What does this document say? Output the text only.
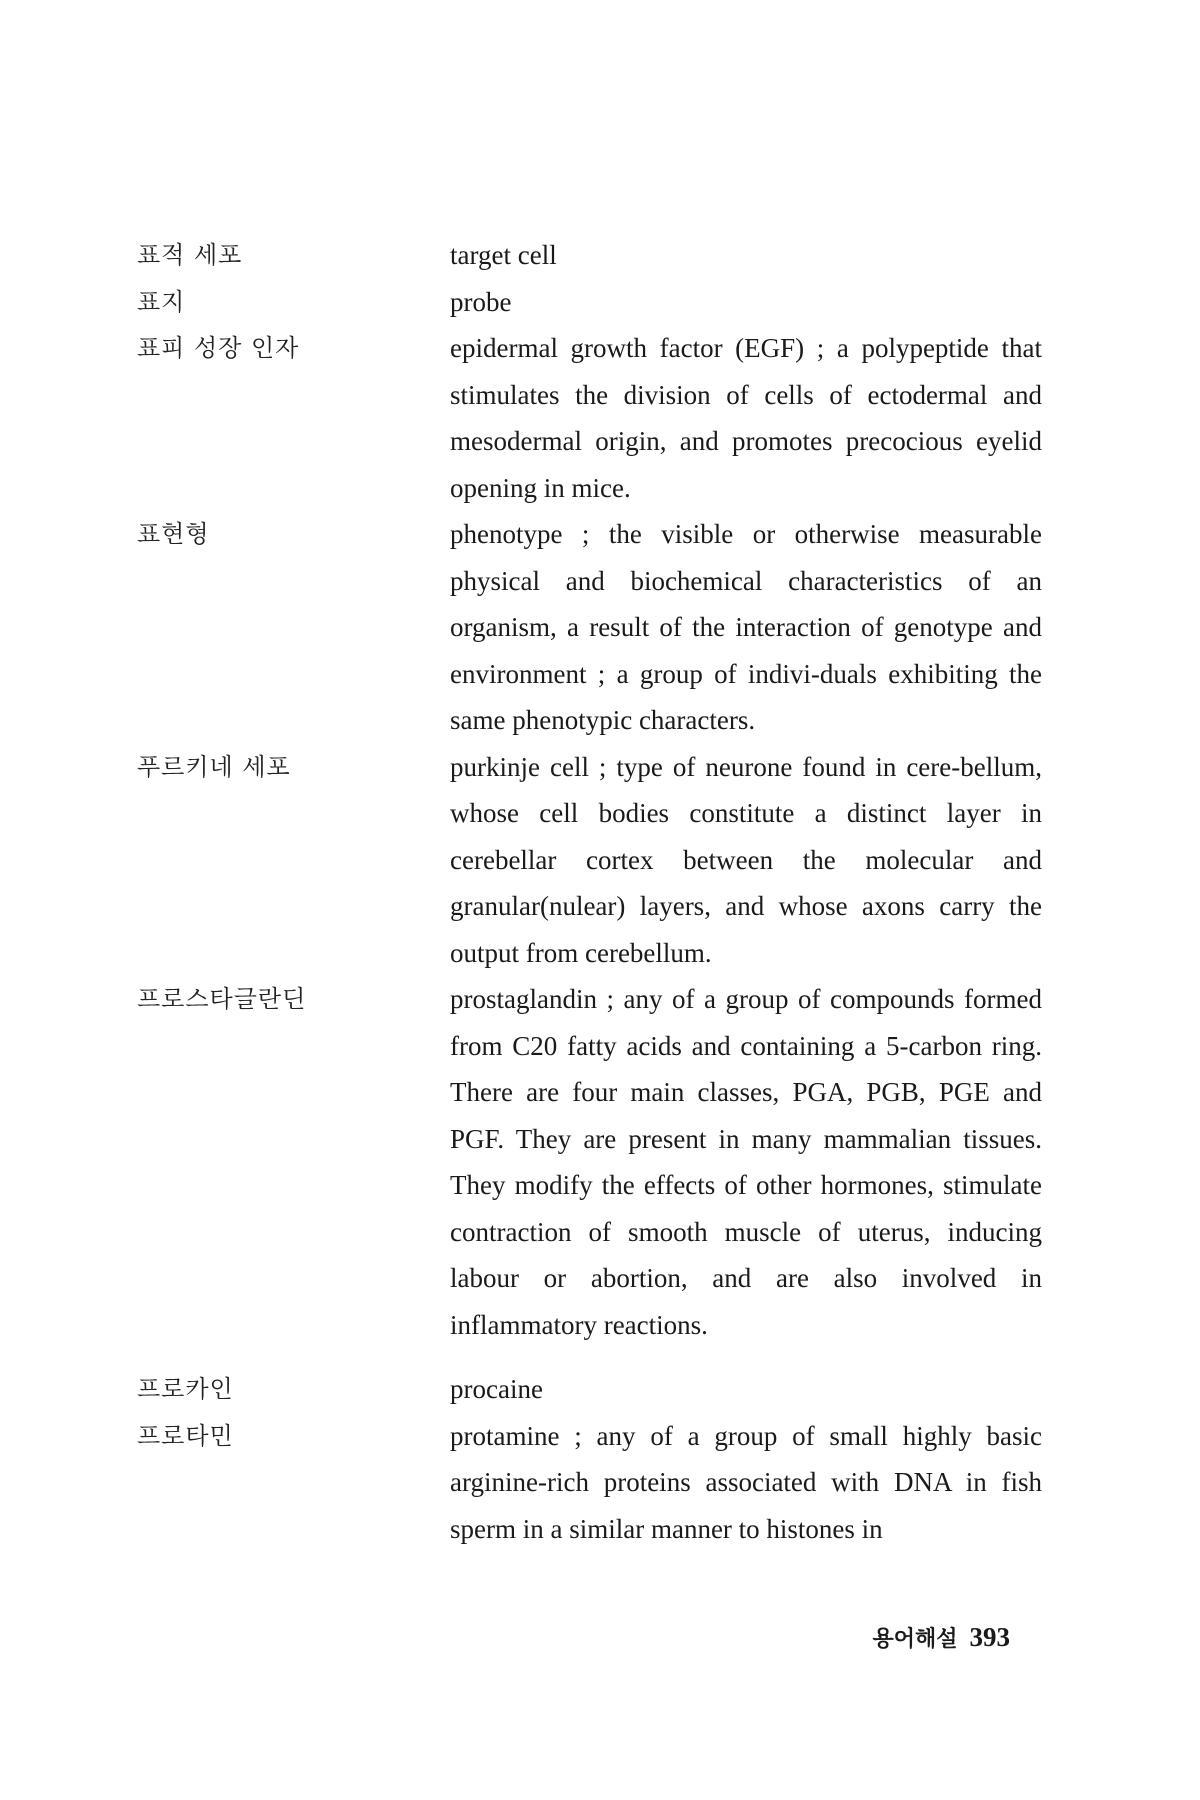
표적 세포	target cell
표지	probe
표피 성장 인자	epidermal growth factor (EGF) ; a polypeptide that stimulates the division of cells of ectodermal and mesodermal origin, and promotes precocious eyelid opening in mice.
표현형	phenotype ; the visible or otherwise measurable physical and biochemical characteristics of an organism, a result of the interaction of genotype and environment ; a group of indivi-duals exhibiting the same phenotypic characters.
푸르키네 세포	purkinje cell ; type of neurone found in cere-bellum, whose cell bodies constitute a distinct layer in cerebellar cortex between the molecular and granular(nulear) layers, and whose axons carry the output from cerebellum.
프로스타글란딘	prostaglandin ; any of a group of compounds formed from C20 fatty acids and containing a 5-carbon ring. There are four main classes, PGA, PGB, PGE and PGF. They are present in many mammalian tissues. They modify the effects of other hormones, stimulate contraction of smooth muscle of uterus, inducing labour or abortion, and are also involved in inflammatory reactions.
프로카인	procaine
프로타민	protamine ; any of a group of small highly basic arginine-rich proteins associated with DNA in fish sperm in a similar manner to histones in
용어해설 393
